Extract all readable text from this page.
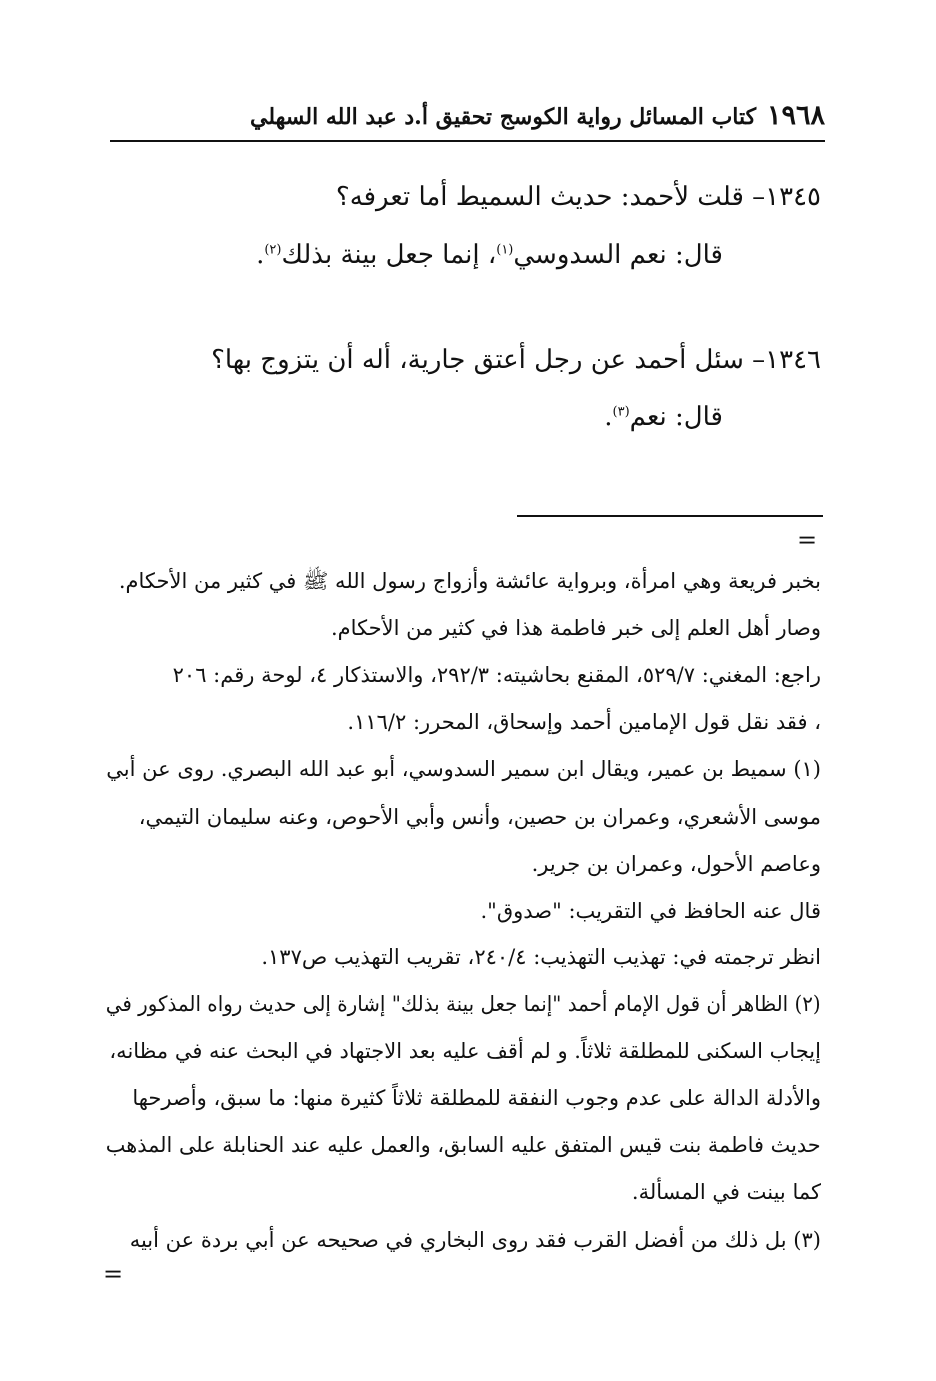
١٩٦٨
كتاب المسائل رواية الكوسج تحقيق أ.د عبد الله السهلي
١٣٤٥– قلت لأحمد: حديث السميط أما تعرفه؟
قال: نعم السدوسي$^{(١)}$، إنما جعل بينة بذلك$^{(٢)}$.
١٣٤٦– سئل أحمد عن رجل أعتق جارية، أله أن يتزوج بها؟
قال: نعم$^{(٣)}$.
=
بخبر فريعة وهي امرأة، وبرواية عائشة وأزواج رسول الله ﷺ في كثير من الأحكام.
وصار أهل العلم إلى خبر فاطمة هذا في كثير من الأحكام.
راجع: المغني: ٥٢٩/٧، المقنع بحاشيته: ٢٩٢/٣، والاستذكار ٤، لوحة رقم: ٢٠٦
، فقد نقل قول الإمامين أحمد وإسحاق، المحرر: ١١٦/٢.
(١) سميط بن عمير، ويقال ابن سمير السدوسي، أبو عبد الله البصري. روى عن أبي
موسى الأشعري، وعمران بن حصين، وأنس وأبي الأحوص، وعنه سليمان التيمي،
وعاصم الأحول، وعمران بن جرير.
قال عنه الحافظ في التقريب: "صدوق".
انظر ترجمته في: تهذيب التهذيب: ٢٤٠/٤، تقريب التهذيب ص١٣٧.
(٢) الظاهر أن قول الإمام أحمد "إنما جعل بينة بذلك" إشارة إلى حديث رواه المذكور في
إيجاب السكنى للمطلقة ثلاثاً. و لم أقف عليه بعد الاجتهاد في البحث عنه في مظانه،
والأدلة الدالة على عدم وجوب النفقة للمطلقة ثلاثاً كثيرة منها: ما سبق، وأصرحها
حديث فاطمة بنت قيس المتفق عليه السابق، والعمل عليه عند الحنابلة على المذهب
كما بينت في المسألة.
(٣) بل ذلك من أفضل القرب فقد روى البخاري في صحيحه عن أبي بردة عن أبيه
=
